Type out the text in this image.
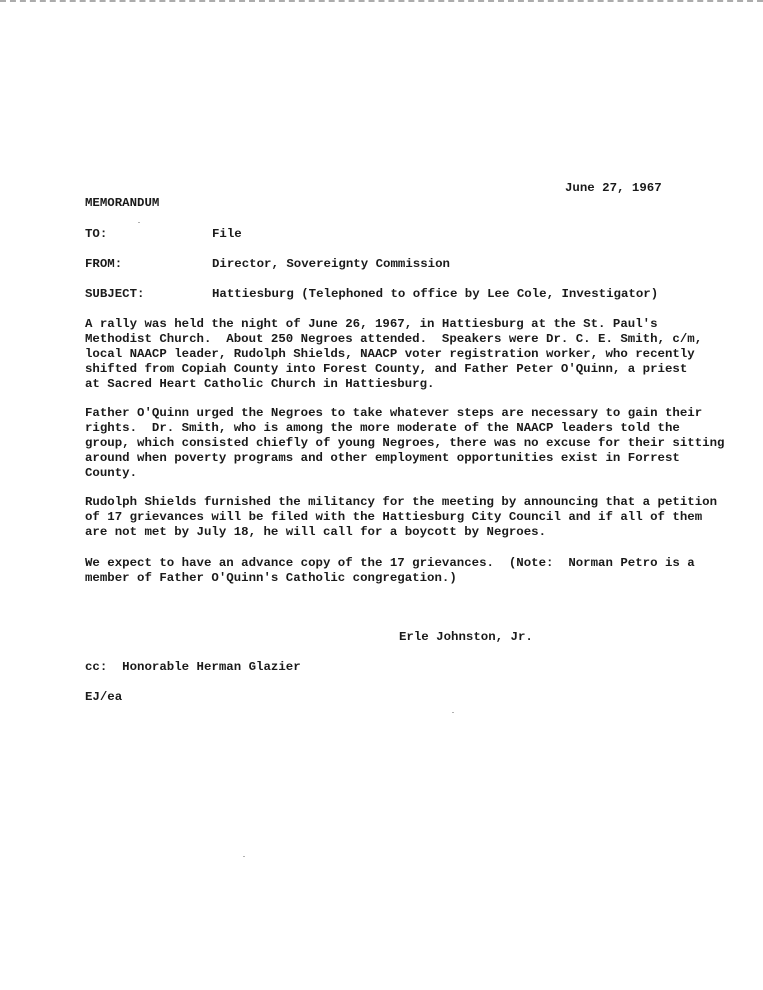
June 27, 1967
MEMORANDUM
TO:	File
FROM:	Director, Sovereignty Commission
SUBJECT:	Hattiesburg (Telephoned to office by Lee Cole, Investigator)
A rally was held the night of June 26, 1967, in Hattiesburg at the St. Paul's
Methodist Church.  About 250 Negroes attended.  Speakers were Dr. C. E. Smith, c/m,
local NAACP leader, Rudolph Shields, NAACP voter registration worker, who recently
shifted from Copiah County into Forest County, and Father Peter O'Quinn, a priest
at Sacred Heart Catholic Church in Hattiesburg.
Father O'Quinn urged the Negroes to take whatever steps are necessary to gain their
rights.  Dr. Smith, who is among the more moderate of the NAACP leaders told the
group, which consisted chiefly of young Negroes, there was no excuse for their sitting
around when poverty programs and other employment opportunities exist in Forrest
County.
Rudolph Shields furnished the militancy for the meeting by announcing that a petition
of 17 grievances will be filed with the Hattiesburg City Council and if all of them
are not met by July 18, he will call for a boycott by Negroes.
We expect to have an advance copy of the 17 grievances.  (Note:  Norman Petro is a
member of Father O'Quinn's Catholic congregation.)
Erle Johnston, Jr.
cc:  Honorable Herman Glazier
EJ/ea
